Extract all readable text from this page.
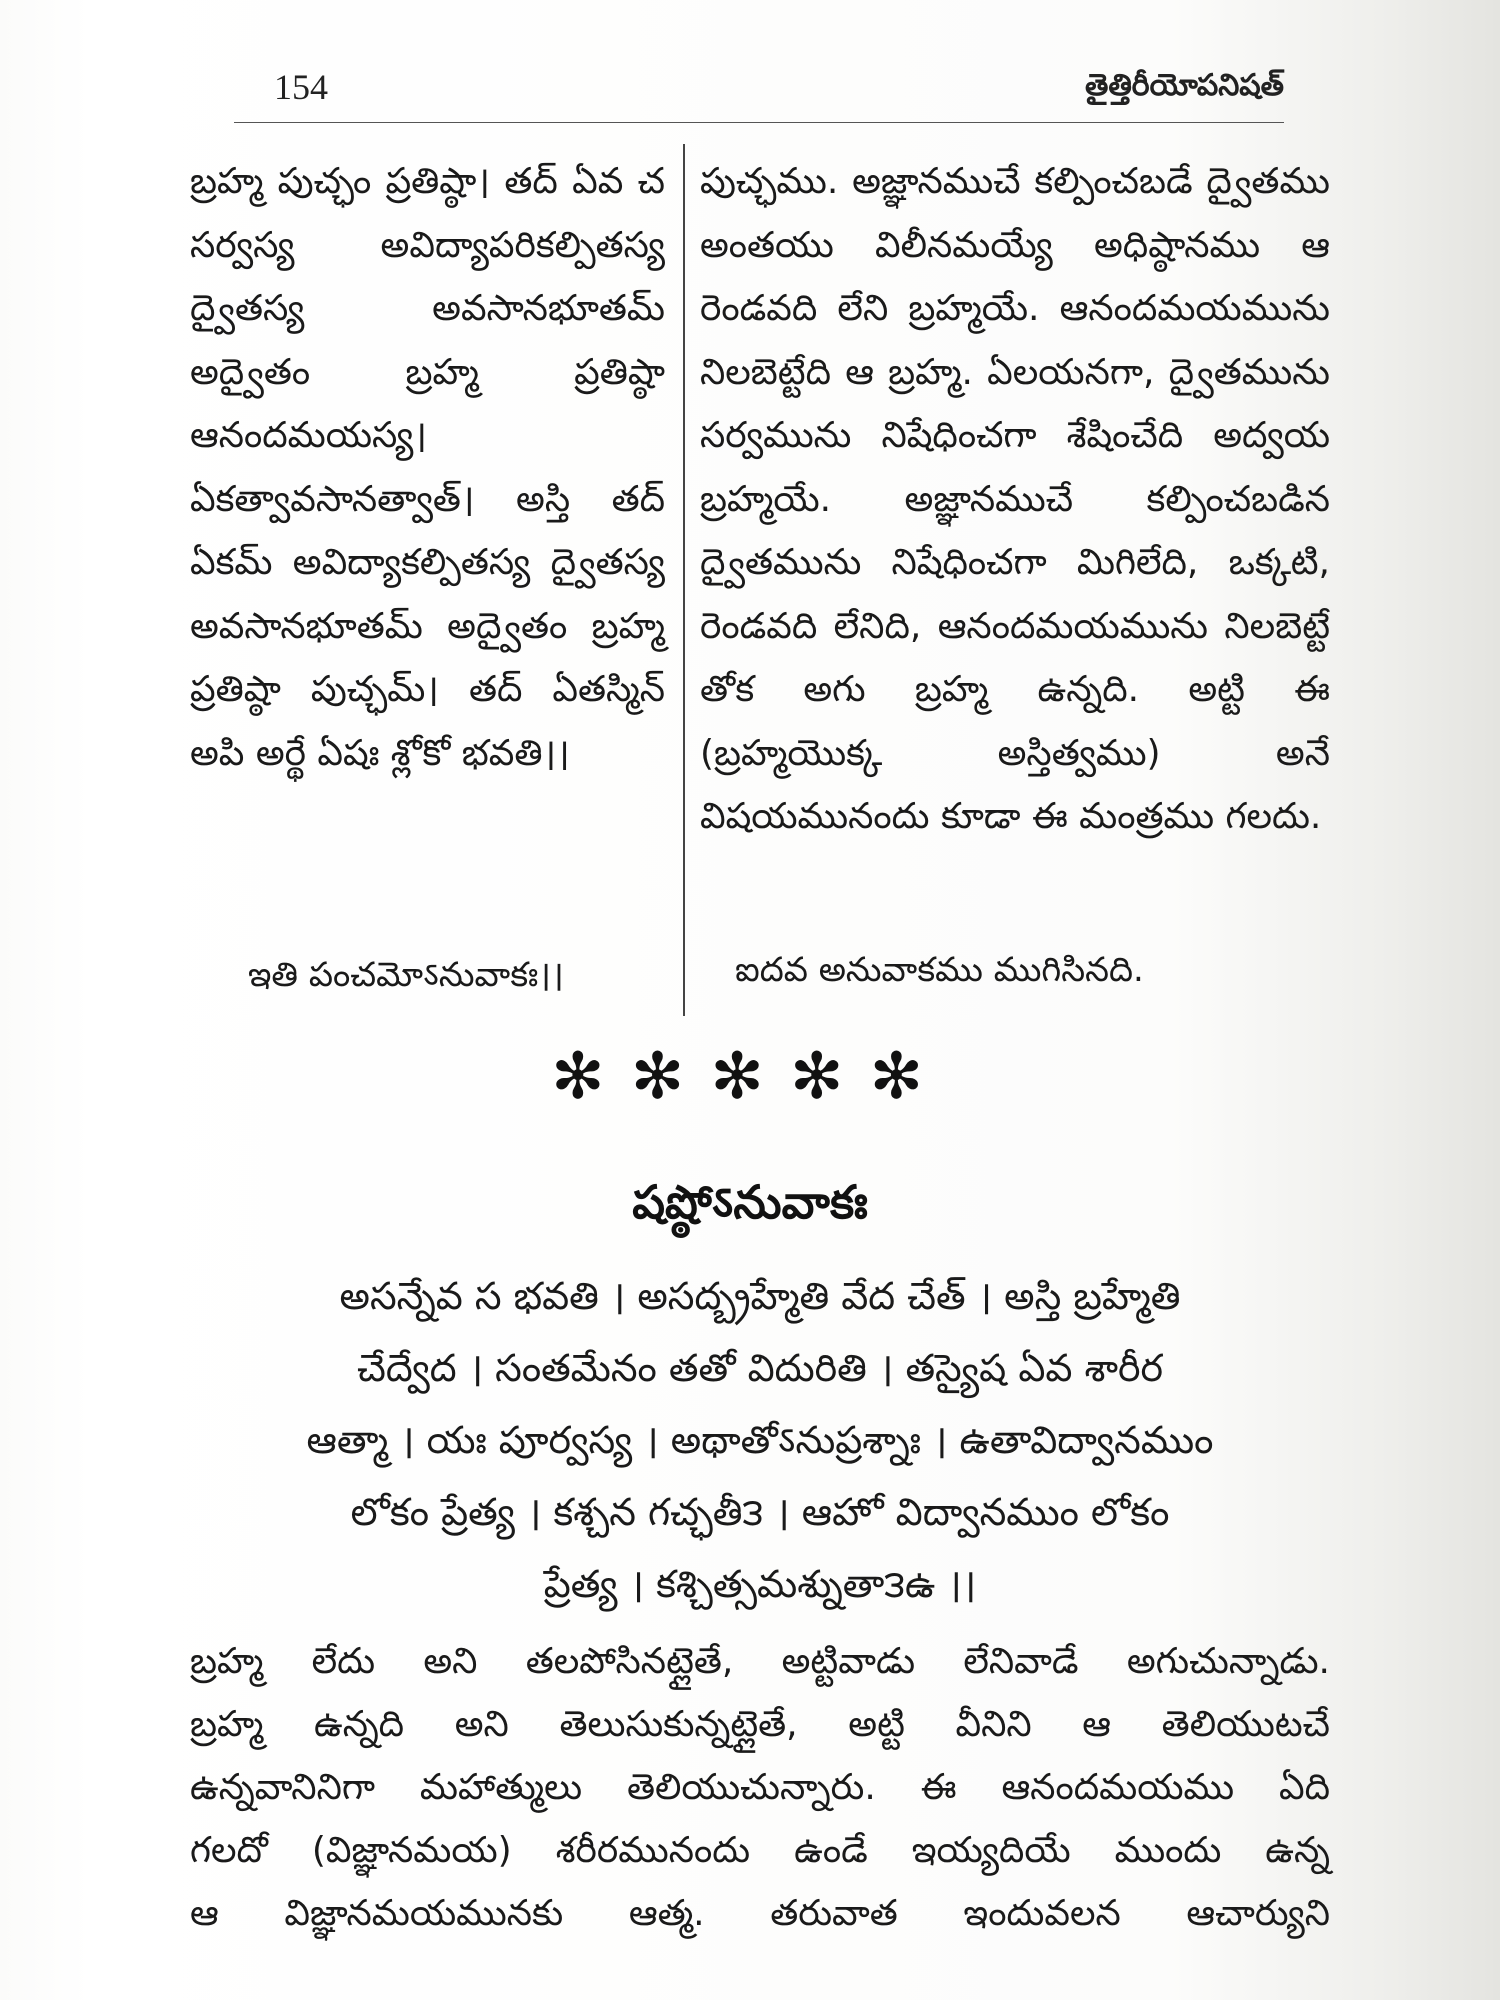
154	తైత్తిరీయోపనిషత్

బ్రహ్మ పుచ్ఛం ప్రతిష్ఠా। తద్ ఏవ చ సర్వస్య అవిద్యాపరికల్పితస్య ద్వైతస్య అవసానభూతమ్ అద్వైతం బ్రహ్మ ప్రతిష్ఠా ఆనందమయస్య। ఏకత్వావసానత్వాత్। అస్తి తద్ ఏకమ్ అవిద్యాకల్పితస్య ద్వైతస్య అవసానభూతమ్ అద్వైతం బ్రహ్మ ప్రతిష్ఠా పుచ్ఛమ్। తద్ ఏతస్మిన్ అపి అర్థే ఏషః శ్లోకో భవతి।।

పుచ్ఛము. అజ్ఞానముచే కల్పించబడే ద్వైతము అంతయు విలీనమయ్యే అధిష్ఠానము ఆ రెండవది లేని బ్రహ్మయే. ఆనందమయమును నిలబెట్టేది ఆ బ్రహ్మ. ఏలయనగా, ద్వైతమును సర్వమును నిషేధించగా శేషించేది అద్వయ బ్రహ్మయే. అజ్ఞానముచే కల్పించబడిన ద్వైతమును నిషేధించగా మిగిలేది, ఒక్కటి, రెండవది లేనిది, ఆనందమయమును నిలబెట్టే తోక అగు బ్రహ్మ ఉన్నది. అట్టి ఈ (బ్రహ్మయొక్క అస్తిత్వము) అనే విషయమునందు కూడా ఈ మంత్రము గలదు.

ఇతి పంచమోऽనువాకః।।	ఐదవ అనువాకము ముగిసినది.
✻✻✻✻✻
షష్ఠోऽనువాకః
అసన్నేవ స భవతి । అసద్బ్రహ్మేతి వేద చేత్ । అస్తి బ్రహ్మేతి
చేద్వేద । సంతమేనం తతో విదురితి । తస్యైష ఏవ శారీర
ఆత్మా । యః పూర్వస్య । అథాతోऽనుప్రశ్నాః । ఉతావిద్వానముం
లోకం ప్రేత్య । కశ్చన గచ్ఛతీ౩ । ఆహో విద్వానముం లోకం
ప్రేత్య । కశ్చిత్సమశ్నుతా౩ఉ ।।
బ్రహ్మ లేదు అని తలపోసినట్లైతే, అట్టివాడు లేనివాడే అగుచున్నాడు.
బ్రహ్మ ఉన్నది అని తెలుసుకున్నట్లైతే, అట్టి వీనిని ఆ తెలియుటచే
ఉన్నవానినిగా మహాత్ములు తెలియుచున్నారు. ఈ ఆనందమయము ఏది
గలదో (విజ్ఞానమయ) శరీరమునందు ఉండే ఇయ్యదియే ముందు ఉన్న
ఆ విజ్ఞానమయమునకు ఆత్మ. తరువాత ఇందువలన ఆచార్యుని
